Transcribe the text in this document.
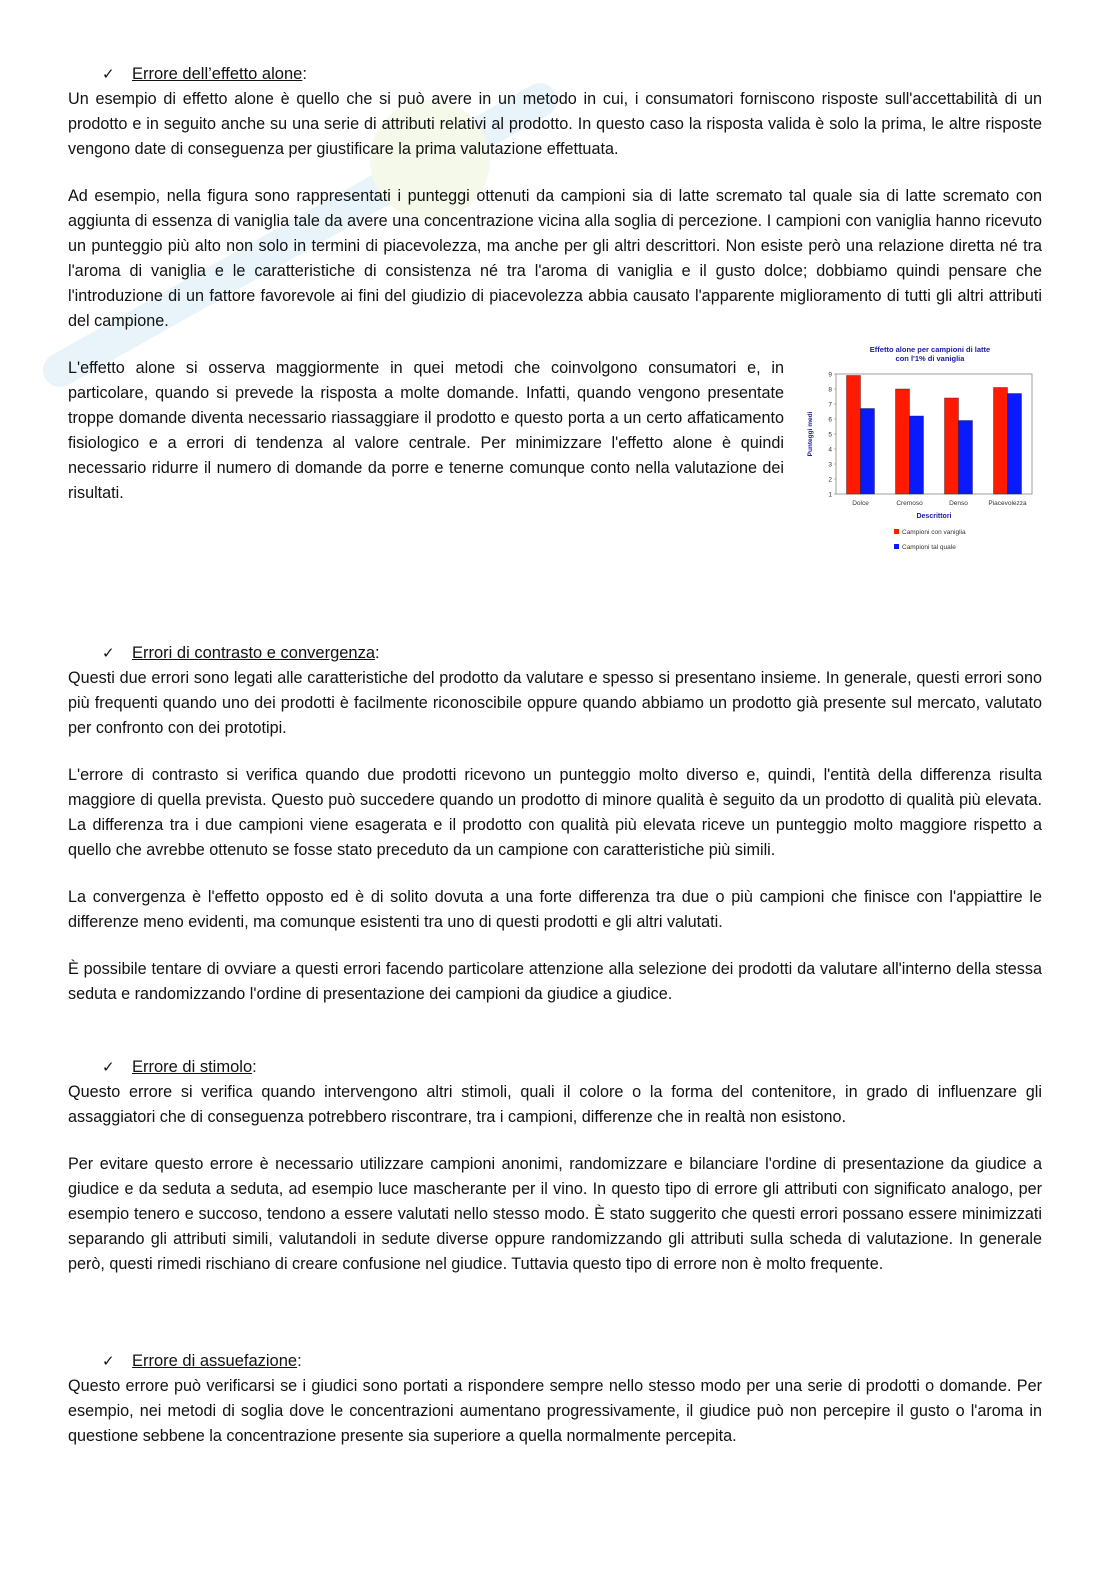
✓	Errore dell’effetto alone :

Un esempio di effetto alone è quello che si può avere in un metodo in cui, i consumatori forniscono risposte sull'accettabilità di un prodotto e in seguito anche su una serie di attributi relativi al prodotto. In questo caso la risposta valida è solo la prima, le altre risposte vengono date di conseguenza per giustificare la prima valutazione effettuata.

Ad esempio, nella figura sono rappresentati i punteggi ottenuti da campioni sia di latte scremato tal quale sia di latte scremato con aggiunta di essenza di vaniglia tale da avere una concentrazione vicina alla soglia di percezione. I campioni con vaniglia hanno ricevuto un punteggio più alto non solo in termini di piacevolezza, ma anche per gli altri descrittori. Non esiste però una relazione diretta né tra l'aroma di vaniglia e le caratteristiche di consistenza né tra l'aroma di vaniglia e il gusto dolce; dobbiamo quindi pensare che l'introduzione di un fattore favorevole ai fini del giudizio di piacevolezza abbia causato l'apparente miglioramento di tutti gli altri attributi del campione.

Effetto alone per campioni di latte
con l'1% di vaniglia
1
2
3
4
5
6
7
8
9
Punteggi medi
Dolce	Cremoso	Denso	Piacevolezza
Descrittori
Campioni con vaniglia
Campioni tal quale

L'effetto alone si osserva maggiormente in quei metodi che coinvolgono consumatori e, in particolare, quando si prevede la risposta a molte domande. Infatti, quando vengono presentate troppe domande diventa necessario riassaggiare il prodotto e questo porta a un certo affaticamento fisiologico e a errori di tendenza al valore centrale. Per minimizzare l'effetto alone è quindi necessario ridurre il numero di domande da porre e tenerne comunque conto nella valutazione dei risultati.

✓	Errori di contrasto e convergenza :

Questi due errori sono legati alle caratteristiche del prodotto da valutare e spesso si presentano insieme. In generale, questi errori sono più frequenti quando uno dei prodotti è facilmente riconoscibile oppure quando abbiamo un prodotto già presente sul mercato, valutato per confronto con dei prototipi.

L'errore di contrasto si verifica quando due prodotti ricevono un punteggio molto diverso e, quindi, l'entità della differenza risulta maggiore di quella prevista. Questo può succedere quando un prodotto di minore qualità è seguito da un prodotto di qualità più elevata. La differenza tra i due campioni viene esagerata e il prodotto con qualità più elevata riceve un punteggio molto maggiore rispetto a quello che avrebbe ottenuto se fosse stato preceduto da un campione con caratteristiche più simili.

La convergenza è l'effetto opposto ed è di solito dovuta a una forte differenza tra due o più campioni che finisce con l'appiattire le differenze meno evidenti, ma comunque esistenti tra uno di questi prodotti e gli altri valutati.

È possibile tentare di ovviare a questi errori facendo particolare attenzione alla selezione dei prodotti da valutare all'interno della stessa seduta e randomizzando l'ordine di presentazione dei campioni da giudice a giudice.

✓	Errore di stimolo :

Questo errore si verifica quando intervengono altri stimoli, quali il colore o la forma del contenitore, in grado di influenzare gli assaggiatori che di conseguenza potrebbero riscontrare, tra i campioni, differenze che in realtà non esistono.

Per evitare questo errore è necessario utilizzare campioni anonimi, randomizzare e bilanciare l'ordine di presentazione da giudice a giudice e da seduta a seduta, ad esempio luce mascherante per il vino. In questo tipo di errore gli attributi con significato analogo, per esempio tenero e succoso, tendono a essere valutati nello stesso modo. È stato suggerito che questi errori possano essere minimizzati separando gli attributi simili, valutandoli in sedute diverse oppure randomizzando gli attributi sulla scheda di valutazione. In generale però, questi rimedi rischiano di creare confusione nel giudice. Tuttavia questo tipo di errore non è molto frequente.

✓	Errore di assuefazione :

Questo errore può verificarsi se i giudici sono portati a rispondere sempre nello stesso modo per una serie di prodotti o domande. Per esempio, nei metodi di soglia dove le concentrazioni aumentano progressivamente, il giudice può non percepire il gusto o l'aroma in questione sebbene la concentrazione presente sia superiore a quella normalmente percepita.
